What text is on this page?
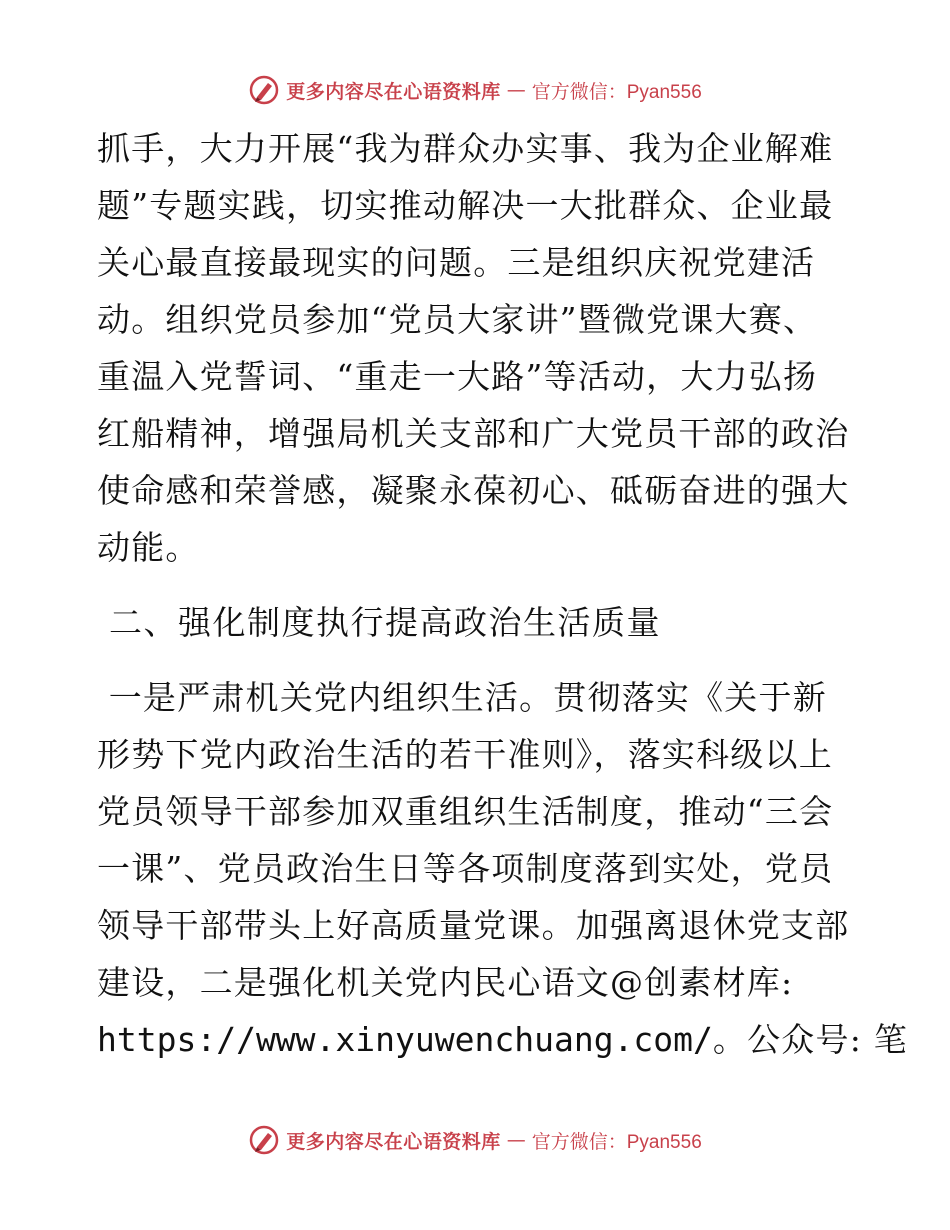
更多内容尽在心语资料库 — 官方微信：Pyan556
抓手，大力开展“我为群众办实事、我为企业解难
题”专题实践，切实推动解决一大批群众、企业最
关心最直接最现实的问题。三是组织庆祝党建活
动。组织党员参加“党员大家讲”暨微党课大赛、
重温入党誓词、“重走一大路”等活动，大力弘扬
红船精神，增强局机关支部和广大党员干部的政治
使命感和荣誉感，凝聚永葆初心、砥砺奋进的强大
动能。
二、强化制度执行提高政治生活质量
一是严肃机关党内组织生活。贯彻落实《关于新
形势下党内政治生活的若干准则》，落实科级以上
党员领导干部参加双重组织生活制度，推动“三会
一课”、党员政治生日等各项制度落到实处，党员
领导干部带头上好高质量党课。加强离退休党支部
建设，二是强化机关党内民心语文@创素材库:
https://www.xinyuwenchuang.com/。公众号: 笔
更多内容尽在心语资料库 — 官方微信：Pyan556
